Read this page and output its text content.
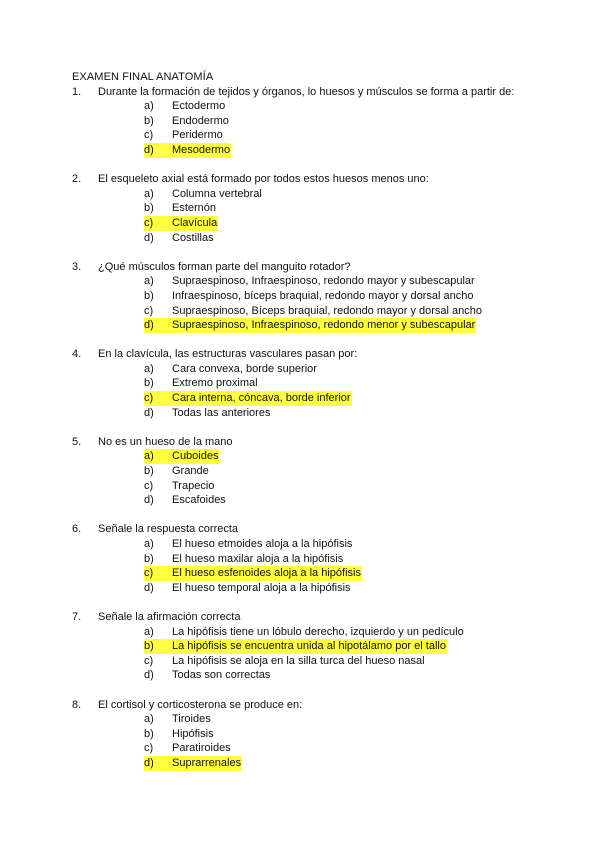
EXAMEN FINAL ANATOMÍA
1.	Durante la formación de tejidos y órganos, lo huesos y músculos se forma a partir de:
a)	Ectodermo
b)	Endodermo
c)	Peridermo
d)	Mesodermo
2.	El esqueleto axial está formado por todos estos huesos menos uno:
a)	Columna vertebral
b)	Esternón
c)	Clavícula
d)	Costillas
3.	¿Qué músculos forman parte del manguito rotador?
a)	Supraespinoso, Infraespinoso, redondo mayor y subescapular
b)	Infraespinoso, bíceps braquial, redondo mayor y dorsal ancho
c)	Supraespinoso, Bíceps braquial, redondo mayor y dorsal ancho
d)	Supraespinoso, Infraespinoso, redondo menor y subescapular
4.	En la clavícula, las estructuras vasculares pasan por:
a)	Cara convexa, borde superior
b)	Extremo proximal
c)	Cara interna, cóncava, borde inferior
d)	Todas las anteriores
5.	No es un hueso de la mano
a)	Cuboides
b)	Grande
c)	Trapecio
d)	Escafoides
6.	Señale la respuesta correcta
a)	El hueso etmoides aloja a la hipófisis
b)	El hueso maxilar aloja a la hipófisis
c)	El hueso esfenoides aloja a la hipófisis
d)	El hueso temporal aloja a la hipófisis
7.	Señale la afirmación correcta
a)	La hipófisis tiene un lóbulo derecho, izquierdo y un pedículo
b)	La hipófisis se encuentra unida al hipotálamo por el tallo
c)	La hipófisis se aloja en la silla turca del hueso nasal
d)	Todas son correctas
8.	El cortisol y corticosterona se produce en:
a)	Tiroides
b)	Hipófisis
c)	Paratiroides
d)	Suprarrenales
